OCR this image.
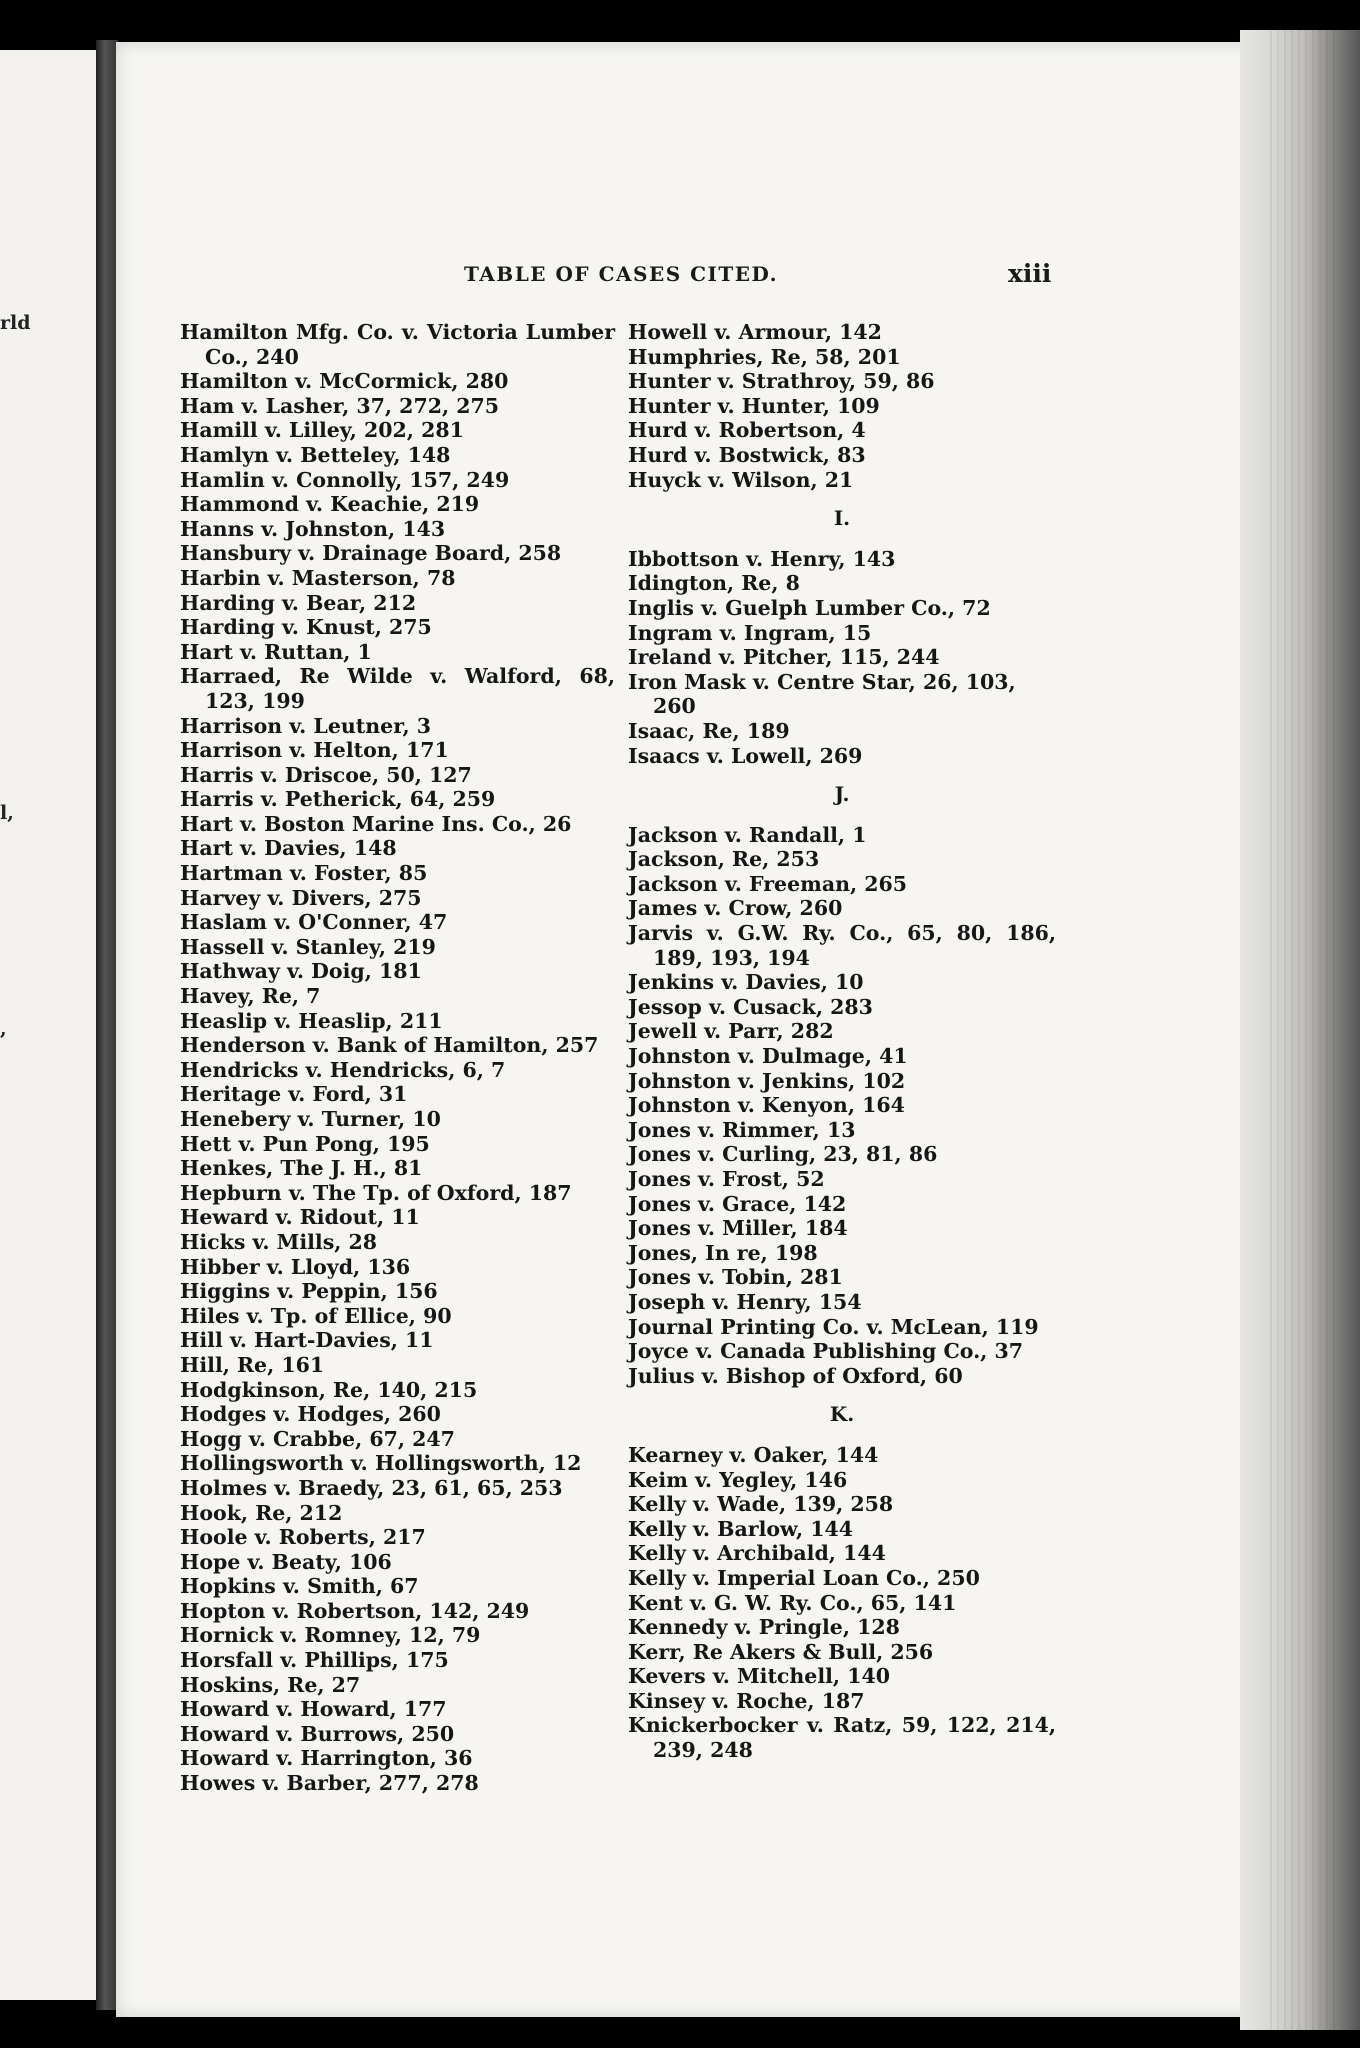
rld
l,
,
TABLE OF CASES CITED.	xiii
Hamilton Mfg. Co. v. Victoria Lumber Co., 240
Hamilton v. McCormick, 280
Ham v. Lasher, 37, 272, 275
Hamill v. Lilley, 202, 281
Hamlyn v. Betteley, 148
Hamlin v. Connolly, 157, 249
Hammond v. Keachie, 219
Hanns v. Johnston, 143
Hansbury v. Drainage Board, 258
Harbin v. Masterson, 78
Harding v. Bear, 212
Harding v. Knust, 275
Hart v. Ruttan, 1
Harraed, Re Wilde v. Walford, 68, 123, 199
Harrison v. Leutner, 3
Harrison v. Helton, 171
Harris v. Driscoe, 50, 127
Harris v. Petherick, 64, 259
Hart v. Boston Marine Ins. Co., 26
Hart v. Davies, 148
Hartman v. Foster, 85
Harvey v. Divers, 275
Haslam v. O'Conner, 47
Hassell v. Stanley, 219
Hathway v. Doig, 181
Havey, Re, 7
Heaslip v. Heaslip, 211
Henderson v. Bank of Hamilton, 257
Hendricks v. Hendricks, 6, 7
Heritage v. Ford, 31
Henebery v. Turner, 10
Hett v. Pun Pong, 195
Henkes, The J. H., 81
Hepburn v. The Tp. of Oxford, 187
Heward v. Ridout, 11
Hicks v. Mills, 28
Hibber v. Lloyd, 136
Higgins v. Peppin, 156
Hiles v. Tp. of Ellice, 90
Hill v. Hart-Davies, 11
Hill, Re, 161
Hodgkinson, Re, 140, 215
Hodges v. Hodges, 260
Hogg v. Crabbe, 67, 247
Hollingsworth v. Hollingsworth, 12
Holmes v. Braedy, 23, 61, 65, 253
Hook, Re, 212
Hoole v. Roberts, 217
Hope v. Beaty, 106
Hopkins v. Smith, 67
Hopton v. Robertson, 142, 249
Hornick v. Romney, 12, 79
Horsfall v. Phillips, 175
Hoskins, Re, 27
Howard v. Howard, 177
Howard v. Burrows, 250
Howard v. Harrington, 36
Howes v. Barber, 277, 278
Howell v. Armour, 142
Humphries, Re, 58, 201
Hunter v. Strathroy, 59, 86
Hunter v. Hunter, 109
Hurd v. Robertson, 4
Hurd v. Bostwick, 83
Huyck v. Wilson, 21
I.
Ibbottson v. Henry, 143
Idington, Re, 8
Inglis v. Guelph Lumber Co., 72
Ingram v. Ingram, 15
Ireland v. Pitcher, 115, 244
Iron Mask v. Centre Star, 26, 103, 260
Isaac, Re, 189
Isaacs v. Lowell, 269
J.
Jackson v. Randall, 1
Jackson, Re, 253
Jackson v. Freeman, 265
James v. Crow, 260
Jarvis v. G.W. Ry. Co., 65, 80, 186, 189, 193, 194
Jenkins v. Davies, 10
Jessop v. Cusack, 283
Jewell v. Parr, 282
Johnston v. Dulmage, 41
Johnston v. Jenkins, 102
Johnston v. Kenyon, 164
Jones v. Rimmer, 13
Jones v. Curling, 23, 81, 86
Jones v. Frost, 52
Jones v. Grace, 142
Jones v. Miller, 184
Jones, In re, 198
Jones v. Tobin, 281
Joseph v. Henry, 154
Journal Printing Co. v. McLean, 119
Joyce v. Canada Publishing Co., 37
Julius v. Bishop of Oxford, 60
K.
Kearney v. Oaker, 144
Keim v. Yegley, 146
Kelly v. Wade, 139, 258
Kelly v. Barlow, 144
Kelly v. Archibald, 144
Kelly v. Imperial Loan Co., 250
Kent v. G. W. Ry. Co., 65, 141
Kennedy v. Pringle, 128
Kerr, Re Akers & Bull, 256
Kevers v. Mitchell, 140
Kinsey v. Roche, 187
Knickerbocker v. Ratz, 59, 122, 214, 239, 248
